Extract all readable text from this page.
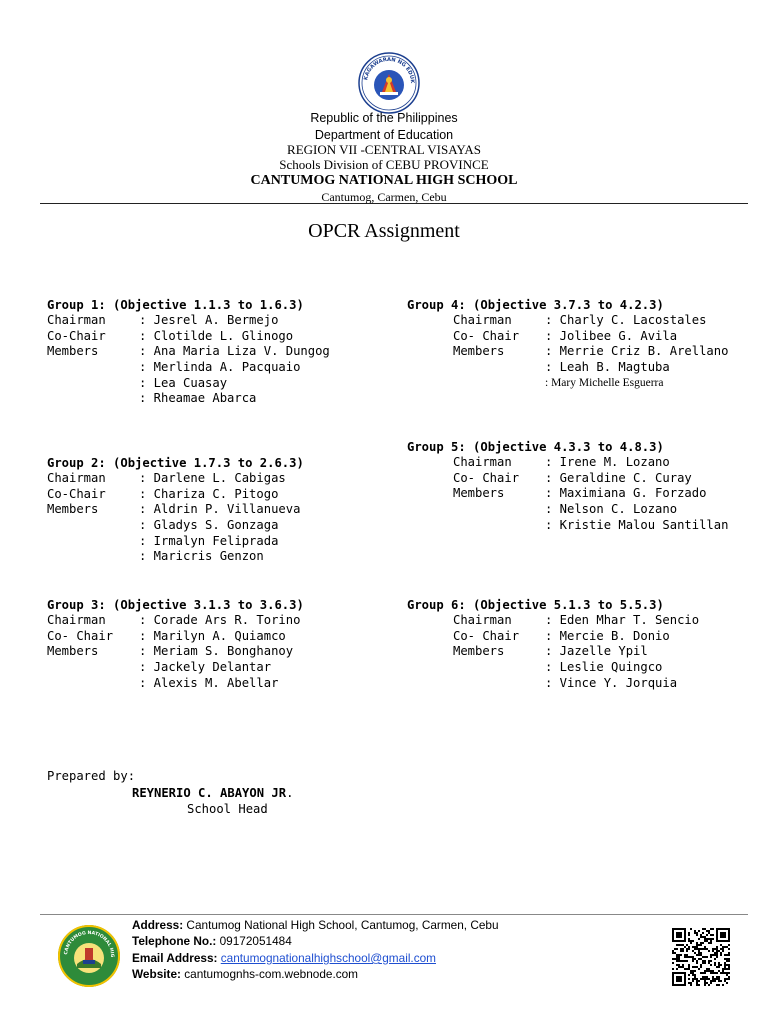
KAGAWARAN NG EDUK
Republic of the Philippines
Department of Education
REGION VII -CENTRAL VISAYAS
Schools Division of CEBU PROVINCE
CANTUMOG NATIONAL HIGH SCHOOL
Cantumog, Carmen, Cebu
OPCR Assignment
Group 1: (Objective 1.1.3 to 1.6.3)
Chairman	: Jesrel A. Bermejo
Co-Chair	: Clotilde L. Glinogo
Members	: Ana Maria Liza V. Dungog
: Merlinda A. Pacquaio
: Lea Cuasay
: Rheamae Abarca
Group 2: (Objective 1.7.3 to 2.6.3)
Chairman	: Darlene L. Cabigas
Co-Chair	: Chariza C. Pitogo
Members	: Aldrin P. Villanueva
: Gladys S. Gonzaga
: Irmalyn Feliprada
: Maricris Genzon
Group 3: (Objective 3.1.3 to 3.6.3)
Chairman	: Corade Ars R. Torino
Co- Chair : Marilyn A. Quiamco
Members	: Meriam S. Bonghanoy
: Jackely Delantar
: Alexis M. Abellar
Group 4: (Objective 3.7.3 to 4.2.3)
Chairman	: Charly C. Lacostales
Co- Chair : Jolibee G. Avila
Members	: Merrie Criz B. Arellano
: Leah B. Magtuba
: Mary Michelle Esguerra
Group 5: (Objective 4.3.3 to 4.8.3)
Chairman	: Irene M. Lozano
Co- Chair : Geraldine C. Curay
Members	: Maximiana G. Forzado
: Nelson C. Lozano
: Kristie Malou Santillan
Group 6: (Objective 5.1.3 to 5.5.3)
Chairman	: Eden Mhar T. Sencio
Co- Chair : Mercie B. Donio
Members	: Jazelle Ypil
: Leslie Quingco
: Vince Y. Jorquia
Prepared by:
REYNERIO C. ABAYON JR.
School Head
CANTUMOG NATIONAL HIG
Address: Cantumog National High School, Cantumog, Carmen, Cebu
Telephone No.: 09172051484
Email Address: cantumognationalhighschool@gmail.com
Website: cantumognhs-com.webnode.com
